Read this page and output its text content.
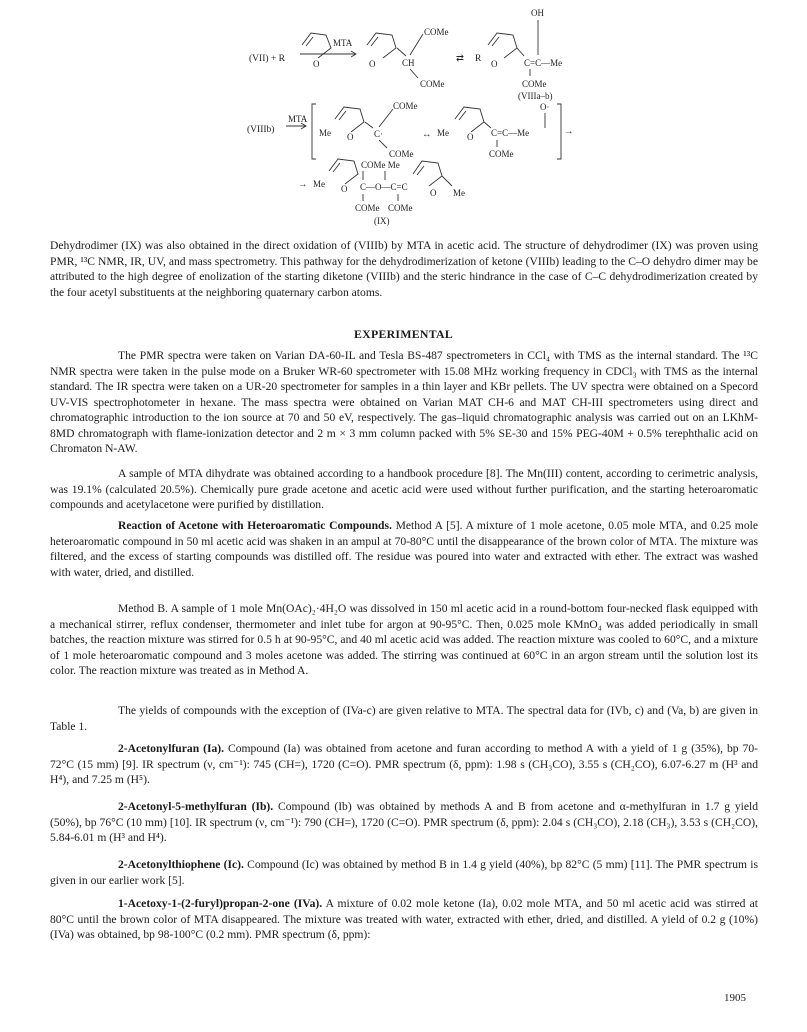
(VII) + R
MTA
O	O	CH
COMe
COMe
⇄ R O
OH
C=C—Me
COMe
(VIIIa–b)
(VIIIb)
MTA
Me O C·
COMe
COMe
↔ Me O
O·
C=C—Me
COMe
→
→ Me O
COMe Me
C—O—C=C
O Me
COMe COMe
(IX)

Dehydrodimer (IX) was also obtained in the direct oxidation of (VIIIb) by MTA in acetic acid. The structure of dehydrodimer (IX) was proven using PMR, ¹³C NMR, IR, UV, and mass spectrometry. This pathway for the dehydrodimerization of ketone (VIIIb) leading to the C–O dehydro dimer may be attributed to the high degree of enolization of the starting diketone (VIIIb) and the steric hindrance in the case of C–C dehydrodimerization created by the four acetyl substituents at the neighboring quaternary carbon atoms.

EXPERIMENTAL

The PMR spectra were taken on Varian DA-60-IL and Tesla BS-487 spectrometers in CCl₄ with TMS as the internal standard. The ¹³C NMR spectra were taken in the pulse mode on a Bruker WR-60 spectrometer with 15.08 MHz working frequency in CDCl₃ with TMS as the internal standard. The IR spectra were taken on a UR-20 spectrometer for samples in a thin layer and KBr pellets. The UV spectra were obtained on a Specord UV-VIS spectrophotometer in hexane. The mass spectra were obtained on Varian MAT CH-6 and MAT CH-III spectrometers using direct and chromatographic introduction to the ion source at 70 and 50 eV, respectively. The gas–liquid chromatographic analysis was carried out on an LKhM-8MD chromatograph with flame-ionization detector and 2 m × 3 mm column packed with 5% SE-30 and 15% PEG-40M + 0.5% terephthalic acid on Chromaton N-AW.

A sample of MTA dihydrate was obtained according to a handbook procedure [8]. The Mn(III) content, according to cerimetric analysis, was 19.1% (calculated 20.5%). Chemically pure grade acetone and acetic acid were used without further purification, and the starting heteroaromatic compounds and acetylacetone were purified by distillation.

Reaction of Acetone with Heteroaromatic Compounds. Method A [5]. A mixture of 1 mole acetone, 0.05 mole MTA, and 0.25 mole heteroaromatic compound in 50 ml acetic acid was shaken in an ampul at 70-80°C until the disappearance of the brown color of MTA. The mixture was filtered, and the excess of starting compounds was distilled off. The residue was poured into water and extracted with ether. The extract was washed with water, dried, and distilled.

Method B. A sample of 1 mole Mn(OAc)₂·4H₂O was dissolved in 150 ml acetic acid in a round-bottom four-necked flask equipped with a mechanical stirrer, reflux condenser, thermometer and inlet tube for argon at 90-95°C. Then, 0.025 mole KMnO₄ was added periodically in small batches, the reaction mixture was stirred for 0.5 h at 90-95°C, and 40 ml acetic acid was added. The reaction mixture was cooled to 60°C, and a mixture of 1 mole heteroaromatic compound and 3 moles acetone was added. The stirring was continued at 60°C in an argon stream until the solution lost its color. The reaction mixture was treated as in Method A.

The yields of compounds with the exception of (IVa-c) are given relative to MTA. The spectral data for (IVb, c) and (Va, b) are given in Table 1.

2-Acetonylfuran (Ia). Compound (Ia) was obtained from acetone and furan according to method A with a yield of 1 g (35%), bp 70-72°C (15 mm) [9]. IR spectrum (ν, cm⁻¹): 745 (CH=), 1720 (C=O). PMR spectrum (δ, ppm): 1.98 s (CH₃CO), 3.55 s (CH₂CO), 6.07-6.27 m (H³ and H⁴), and 7.25 m (H⁵).

2-Acetonyl-5-methylfuran (Ib). Compound (Ib) was obtained by methods A and B from acetone and α-methylfuran in 1.7 g yield (50%), bp 76°C (10 mm) [10]. IR spectrum (ν, cm⁻¹): 790 (CH=), 1720 (C=O). PMR spectrum (δ, ppm): 2.04 s (CH₃CO), 2.18 (CH₃), 3.53 s (CH₂CO), 5.84-6.01 m (H³ and H⁴).

2-Acetonylthiophene (Ic). Compound (Ic) was obtained by method B in 1.4 g yield (40%), bp 82°C (5 mm) [11]. The PMR spectrum is given in our earlier work [5].

1-Acetoxy-1-(2-furyl)propan-2-one (IVa). A mixture of 0.02 mole ketone (Ia), 0.02 mole MTA, and 50 ml acetic acid was stirred at 80°C until the brown color of MTA disappeared. The mixture was treated with water, extracted with ether, dried, and distilled. A yield of 0.2 g (10%) (IVa) was obtained, bp 98-100°C (0.2 mm). PMR spectrum (δ, ppm):

1905
